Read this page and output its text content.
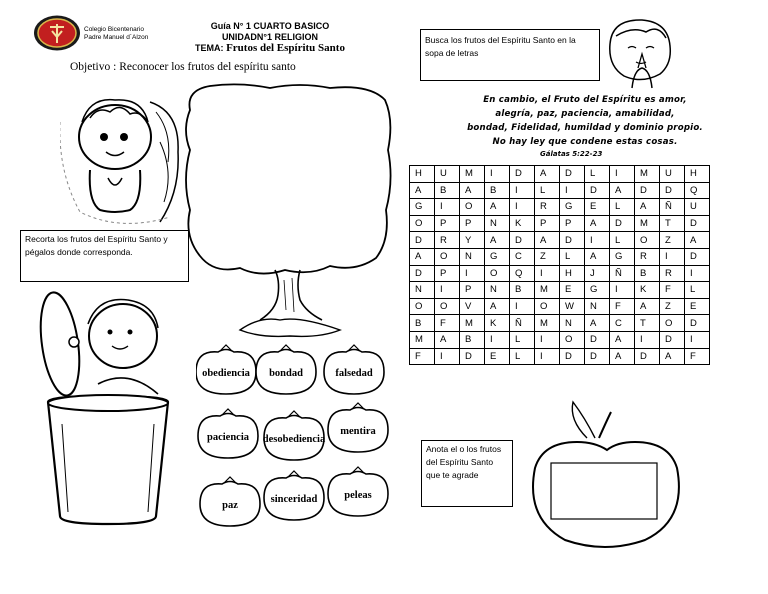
Colegio Bicentenario
Padre Manuel d´Alzon
Guía N° 1 CUARTO BASICO
UNIDADN°1 RELIGION
TEMA: Frutos del Espíritu Santo
Objetivo : Reconocer los frutos del espíritu santo
Busca los frutos del Espíritu Santo en la sopa de letras
Recorta los frutos del Espíritu Santo y pégalos donde corresponda.
Anota el o los frutos del Espíritu Santo que te agrade
obediencia bondad	falsedad
paciencia desobediencia
mentira
paz
sinceridad	peleas
En cambio, el Fruto del Espíritu es amor,
alegría, paz, paciencia, amabilidad,
bondad, Fidelidad, humildad y dominio propio.
No hay ley que condene estas cosas.
Gálatas 5:22-23
H	U	M	I	D	A	D	L	I	M	U	H
A	B	A	B	I	L	I	D	A	D	D	Q
G	I	O	A	I	R	G	E	L	A	Ñ	U
O	P	P	N	K	P	P	A	D	M	T	D
D	R	Y	A	D	A	D	I	L	O	Z	A
A	O	N	G	C	Z	L	A	G	R	I	D
D	P	I	O	Q	I	H	J	Ñ	B	R	I
N	I	P	N	B	M	E	G	I	K	F	L
O	O	V	A	I	O	W	N	F	A	Z	E
B	F	M	K	Ñ	M	N	A	C	T	O	D
M	A	B	I	L	I	O	D	A	I	D	I
F	I	D	E	L	I	D	D	A	D	A	F
